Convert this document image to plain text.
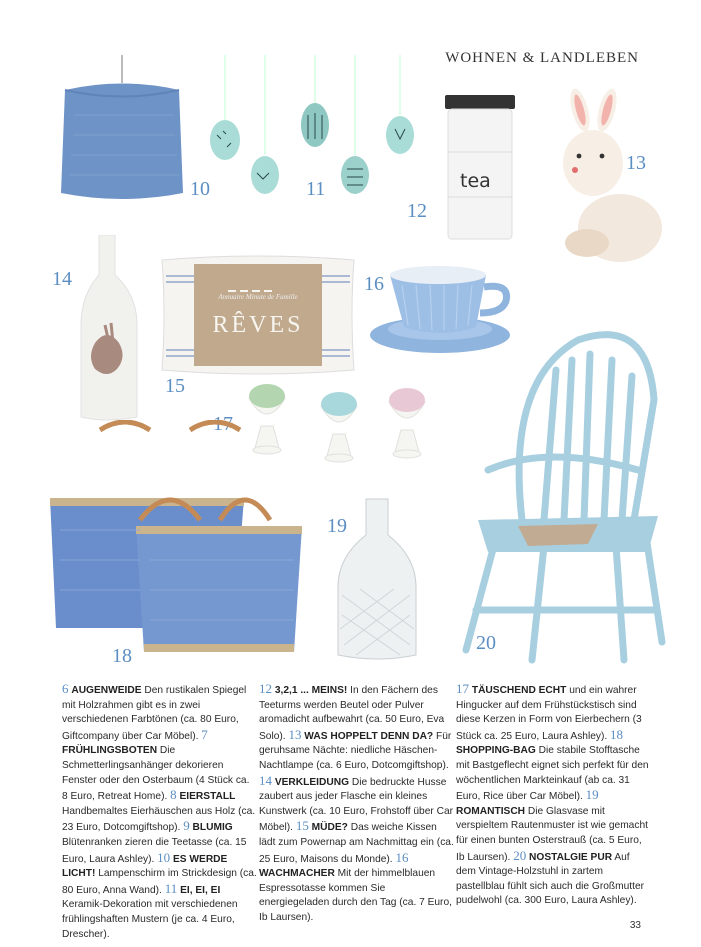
WOHNEN & LANDLEBEN
10	11	tea
12
13
14
Annuaire Minute de Famille
RÊVES
15
16
17
18
19
20
6 AUGENWEIDE Den rustikalen Spiegel mit Holzrahmen gibt es in zwei verschiedenen Farbtönen (ca. 80 Euro, Giftcompany über Car Möbel). 7 FRÜHLINGSBOTEN Die Schmetterlingsanhänger dekorieren Fenster oder den Osterbaum (4 Stück ca. 8 Euro, Retreat Home). 8 EIERSTALL Handbemaltes Eierhäuschen aus Holz (ca. 23 Euro, Dotcomgiftshop). 9 BLUMIG Blütenranken zieren die Teetasse (ca. 15 Euro, Laura Ashley). 10 ES WERDE LICHT! Lampenschirm im Strickdesign (ca. 80 Euro, Anna Wand). 11 EI, EI, EI Keramik-Dekoration mit verschiedenen frühlingshaften Mustern (je ca. 4 Euro, Drescher).
12 3,2,1 ... MEINS! In den Fächern des Teeturms werden Beutel oder Pulver aromadicht aufbewahrt (ca. 50 Euro, Eva Solo). 13 WAS HOPPELT DENN DA? Für geruhsame Nächte: niedliche Häschen-Nachtlampe (ca. 6 Euro, Dotcomgiftshop). 14 VERKLEIDUNG Die bedruckte Husse zaubert aus jeder Flasche ein kleines Kunstwerk (ca. 10 Euro, Frohstoff über Car Möbel). 15 MÜDE? Das weiche Kissen lädt zum Powernap am Nachmittag ein (ca. 25 Euro, Maisons du Monde). 16 WACHMACHER Mit der himmelblauen Espressotasse kommen Sie energiegeladen durch den Tag (ca. 7 Euro, Ib Laursen).
17 TÄUSCHEND ECHT und ein wahrer Hingucker auf dem Frühstückstisch sind diese Kerzen in Form von Eierbechern (3 Stück ca. 25 Euro, Laura Ashley). 18 SHOPPING-BAG Die stabile Stofftasche mit Bastgeflecht eignet sich perfekt für den wöchentlichen Markteinkauf (ab ca. 31 Euro, Rice über Car Möbel). 19 ROMANTISCH Die Glasvase mit verspieltem Rautenmuster ist wie gemacht für einen bunten Osterstrauß (ca. 5 Euro, Ib Laursen). 20 NOSTALGIE PUR Auf dem Vintage-Holzstuhl in zartem pastellblau fühlt sich auch die Großmutter pudelwohl (ca. 300 Euro, Laura Ashley).
33
